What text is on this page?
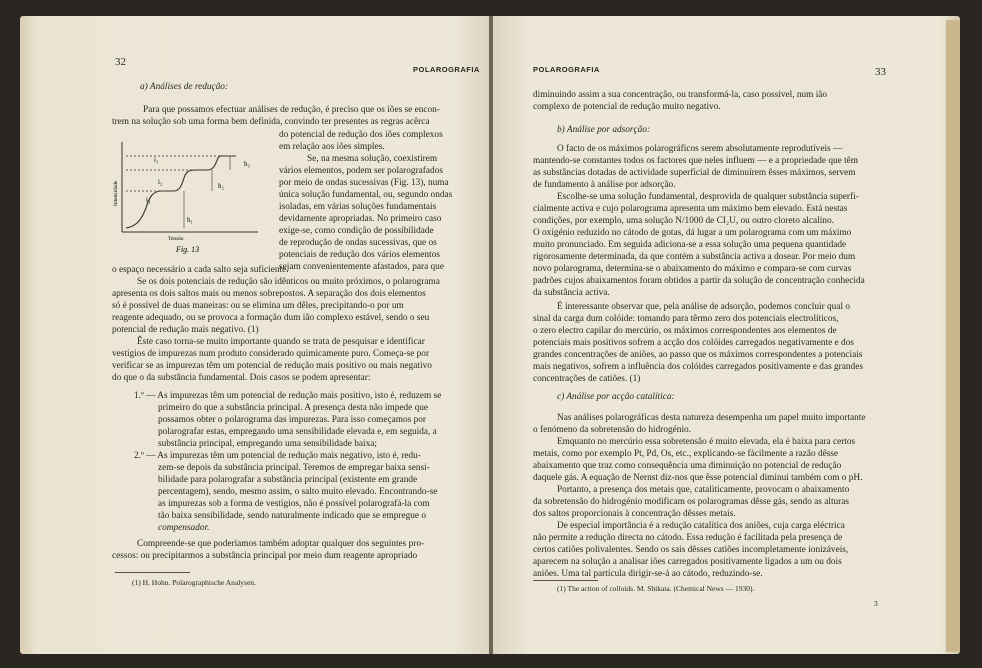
32
POLAROGRAFIA
a) Análises de redução:
Para que possamos efectuar análises de redução, é preciso que os iões se encon-
trem na solução sob uma forma bem definida, convindo ter presentes as regras acêrca
do potencial de redução dos iões complexos
em relação aos iões simples.
Se, na mesma solução, coexistirem
vários elementos, podem ser polarografados
por meio de ondas sucessivas (Fig. 13), numa
única solução fundamental, ou, segundo ondas
isoladas, em várias soluções fundamentais
devidamente apropriadas. No primeiro caso
exige-se, como condição de possibilidade
de reprodução de ondas sucessivas, que os
potenciais de redução dos vários elementos
sejam convenientemente afastados, para que
i₁
i₂
i₃
h₁
h₂
h₃
Intensidade
Tensão
Fig. 13
o espaço necessário a cada salto seja suficiente.
Se os dois potenciais de redução são idênticos ou muito próximos, o polarograma
apresenta os dois saltos mais ou menos sobrepostos. A separação dos dois elementos
só é possível de duas maneiras: ou se elimina um dêles, precipitando-o por um
reagente adequado, ou se provoca a formação dum ião complexo estável, sendo o seu
potencial de redução mais negativo. (1)
Êste caso torna-se muito importante quando se trata de pesquisar e identificar
vestígios de impurezas num produto considerado quìmicamente puro. Começa-se por
verificar se as impurezas têm um potencial de redução mais positivo ou mais negativo
do que o da substância fundamental. Dois casos se podem apresentar:
1.º — As impurezas têm um potencial de redução mais positivo, isto é, reduzem se
primeiro do que a substância principal. A presença desta não impede que
possamos obter o polarograma das impurezas. Para isso começamos por
polarografar estas, empregando uma sensibilidade elevada e, em seguida, a
substância principal, empregando uma sensibilidade baixa;
2.º — As impurezas têm um potencial de redução mais negativo, isto é, redu-
zem-se depois da substância principal. Teremos de empregar baixa sensi-
bilidade para polarografar a substância principal (existente em grande
percentagem), sendo, mesmo assim, o salto muito elevado. Encontrando-se
as impurezas sob a forma de vestígios, não é possível polarografá-la com
tão baixa sensibilidade, sendo naturalmente indicado que se empregue o
compensador.
Compreende-se que poderíamos também adoptar qualquer dos seguintes pro-
cessos: ou precipitarmos a substância principal por meio dum reagente apropriado
(1) H. Hohn. Polarographische Analysen.
POLAROGRAFIA	33
diminuindo assim a sua concentração, ou transformá-la, caso possível, num ião
complexo de potencial de redução muito negativo.
b) Análise por adsorção:
O facto de os máximos polarográficos serem absolutamente reprodutíveis —
mantendo-se constantes todos os factores que neles influem — e a propriedade que têm
as substâncias dotadas de actividade superficial de diminuírem êsses máximos, servem
de fundamento à análise por adsorção.
Escolhe-se uma solução fundamental, desprovida de qualquer substância superfi-
cialmente activa e cujo polarograma apresenta um máximo bem elevado. Está nestas
condições, por exemplo, uma solução N/1000 de CI₂U, ou outro cloreto alcalino.
O oxigénio reduzido no cátodo de gotas, dá lugar a um polarograma com um máximo
muito pronunciado. Em seguida adiciona-se a essa solução uma pequena quantidade
rigorosamente determinada, da que contém a substância activa a dosear. Por meio dum
novo polarograma, determina-se o abaixamento do máximo e compara-se com curvas
padrões cujos abaixamentos foram obtidos a partir da solução de concentração conhecida
da substância activa.
É interessante observar que, pela análise de adsorção, podemos concluir qual o
sinal da carga dum colóide: tomando para têrmo zero dos potenciais electrolíticos,
o zero electro capilar do mercúrio, os máximos correspondentes aos elementos de
potenciais mais positivos sofrem a acção dos colóides carregados negativamente e dos
grandes concentrações de aniões, ao passo que os máximos correspondentes a potenciais
mais negativos, sofrem a influência dos colóides carregados positivamente e das grandes
concentrações de catiões. (1)
c) Análise por acção catalítica:
Nas análises polarográficas desta natureza desempenha um papel muito importante
o fenómeno da sobretensão do hidrogénio.
Emquanto no mercúrio essa sobretensão é muito elevada, ela é baixa para certos
metais, como por exemplo Pt, Pd, Os, etc., explicando-se fàcilmente a razão dêsse
abaixamento que traz como consequência uma diminuição no potencial de redução
daquele gás. A equação de Nernst diz-nos que êsse potencial diminui também com o pH.
Portanto, a presença dos metais que, catalìticamente, provocam o abaixamento
da sobretensão do hidrogénio modificam os polarogramas dêsse gás, sendo as alturas
dos saltos proporcionais à concentração dêsses metais.
De especial importância é a redução catalítica dos aniões, cuja carga eléctrica
não permite a redução directa no cátodo. Essa redução é facilitada pela presença de
certos catiões polivalentes. Sendo os sais dêsses catiões incompletamente ionizáveis,
aparecem na solução a analisar iões carregados positivamente ligados a um ou dois
aniões. Uma tal partícula dirigir-se-á ao cátodo, reduzindo-se.
(1) The action of colloids. M. Shikata. (Chemical News — 1930).
3
